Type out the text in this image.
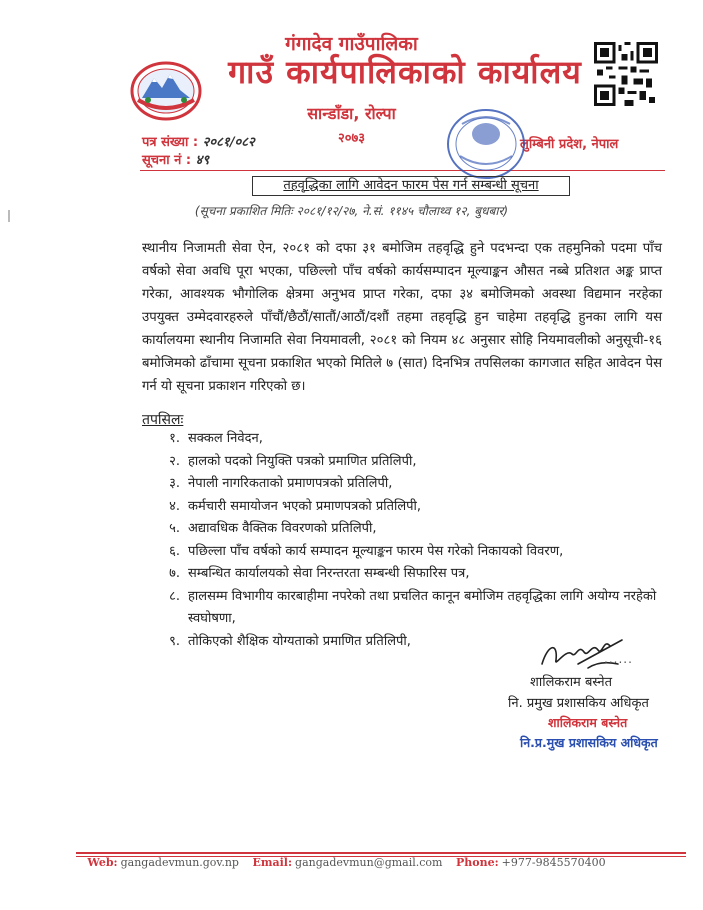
गंगादेव गाउँपालिका
गाउँ कार्यपालिकाको कार्यालय
सान्डाँडा, रोल्पा
२०७३	लुम्बिनी प्रदेश, नेपाल
पत्र संख्या : २०८१/०८२
सूचना नं : ४९
तहवृद्धिका लागि आवेदन फारम पेस गर्न सम्बन्धी सूचना
(सूचना प्रकाशित मितिः २०८१/१२/२७, ने.सं. ११४५ चौलाथ्व १२, बुधबार)
स्थानीय निजामती सेवा ऐन, २०८१ को दफा ३१ बमोजिम तहवृद्धि हुने पदभन्दा एक तहमुनिको पदमा पाँच वर्षको सेवा अवधि पूरा भएका, पछिल्लो पाँच वर्षको कार्यसम्पादन मूल्याङ्कन औसत नब्बे प्रतिशत अङ्क प्राप्त गरेका, आवश्यक भौगोलिक क्षेत्रमा अनुभव प्राप्त गरेका, दफा ३४ बमोजिमको अवस्था विद्यमान नरहेका उपयुक्त उम्मेदवारहरुले पाँचौं/छैठौं/सातौं/आठौं/दशौं तहमा तहवृद्धि हुन चाहेमा तहवृद्धि हुनका लागि यस कार्यालयमा स्थानीय निजामति सेवा नियमावली, २०८१ को नियम ४८ अनुसार सोहि नियमावलीको अनुसूची-१६ बमोजिमको ढाँचामा सूचना प्रकाशित भएको मितिले ७ (सात) दिनभित्र तपसिलका कागजात सहित आवेदन पेस गर्न यो सूचना प्रकाशन गरिएको छ।
तपसिलः
१. सक्कल निवेदन,
२. हालको पदको नियुक्ति पत्रको प्रमाणित प्रतिलिपी,
३. नेपाली नागरिकताको प्रमाणपत्रको प्रतिलिपी,
४. कर्मचारी समायोजन भएको प्रमाणपत्रको प्रतिलिपी,
५. अद्यावधिक वैक्तिक विवरणको प्रतिलिपी,
६. पछिल्ला पाँच वर्षको कार्य सम्पादन मूल्याङ्कन फारम पेस गरेको निकायको विवरण,
७. सम्बन्धित कार्यालयको सेवा निरन्तरता सम्बन्धी सिफारिस पत्र,
८. हालसम्म विभागीय कारबाहीमा नपरेको तथा प्रचलित कानून बमोजिम तहवृद्धिका लागि अयोग्य नरहेको स्वघोषणा,
९. तोकिएको शैक्षिक योग्यताको प्रमाणित प्रतिलिपी,
......
शालिकराम बस्नेत
नि. प्रमुख प्रशासकिय अधिकृत
शालिकराम बस्नेत
नि.प्र.मुख प्रशासकिय अधिकृत
Web: gangadevmun.gov.np Email: gangadevmun@gmail.com Phone: +977-9845570400
